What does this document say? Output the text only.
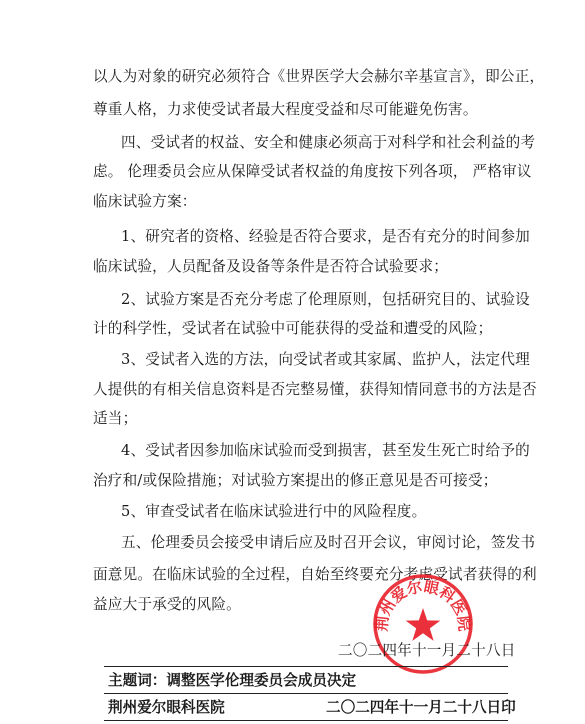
以人为对象的研究必须符合《世界医学大会赫尔辛基宣言》，即公正，
尊重人格，力求使受试者最大程度受益和尽可能避免伤害。
四、受试者的权益、安全和健康必须高于对科学和社会利益的考
虑。 伦理委员会应从保障受试者权益的角度按下列各项， 严格审议
临床试验方案：
1、研究者的资格、经验是否符合要求，是否有充分的时间参加
临床试验，人员配备及设备等条件是否符合试验要求；
2、试验方案是否充分考虑了伦理原则，包括研究目的、试验设
计的科学性，受试者在试验中可能获得的受益和遭受的风险；
3、受试者入选的方法，向受试者或其家属、监护人，法定代理
人提供的有相关信息资料是否完整易懂，获得知情同意书的方法是否
适当；
4、受试者因参加临床试验而受到损害，甚至发生死亡时给予的
治疗和/或保险措施；对试验方案提出的修正意见是否可接受；
5、审查受试者在临床试验进行中的风险程度。
五、伦理委员会接受申请后应及时召开会议，审阅讨论，签发书
面意见。在临床试验的全过程，自始至终要充分考虑受试者获得的利
益应大于承受的风险。
荆州爱尔眼科医院
二〇二四年十一月二十八日
主题词：调整医学伦理委员会成员决定
荆州爱尔眼科医院	二〇二四年十一月二十八日印
